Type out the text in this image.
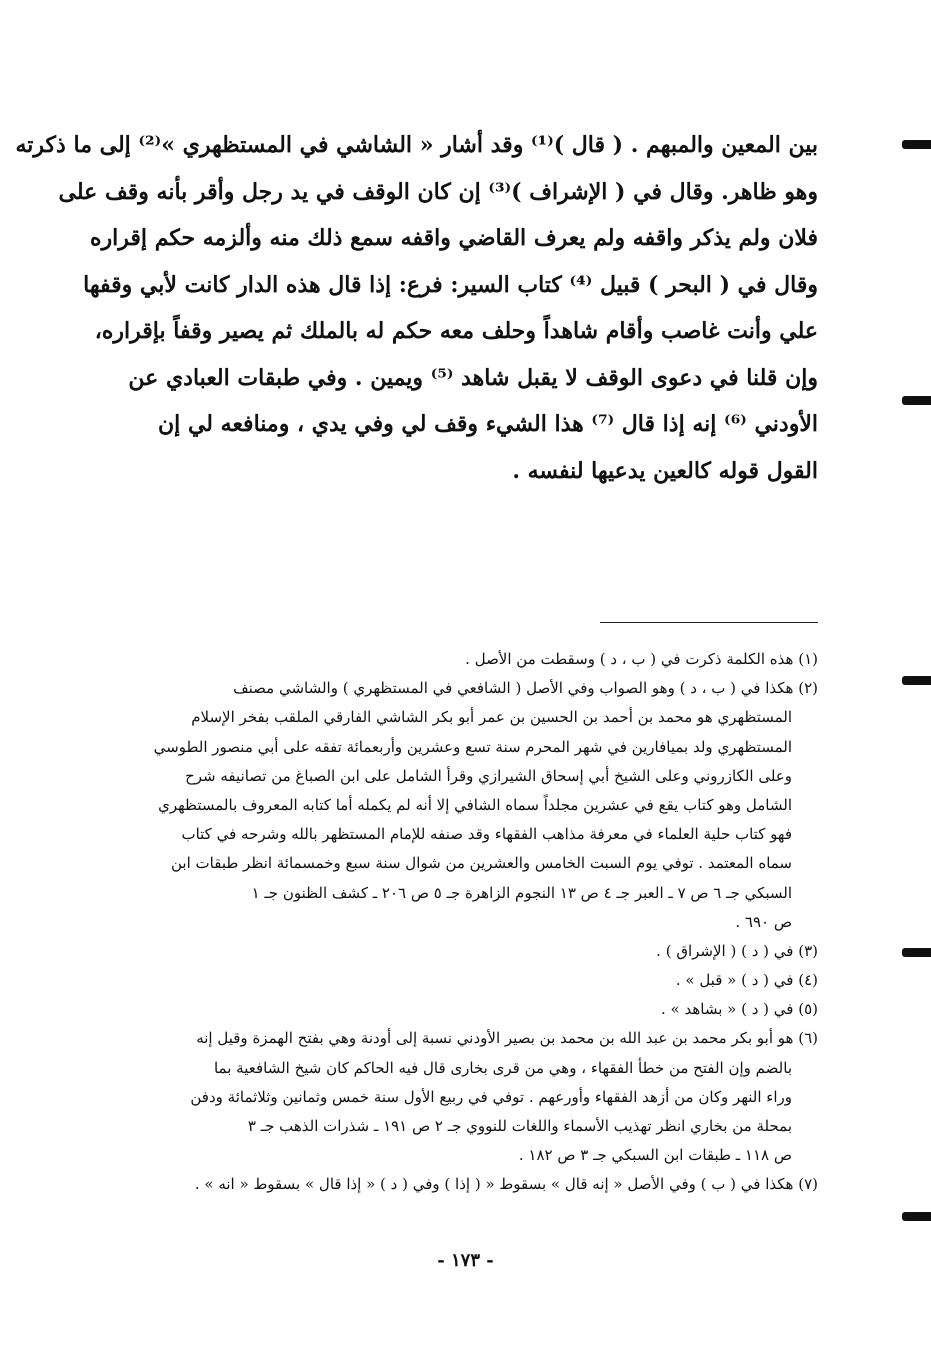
بين المعين والمبهم . ( قال )⁽¹⁾ وقد أشار « الشاشي في المستظهري »⁽²⁾ إلى ما ذكرته
وهو ظاهر. وقال في ( الإشراف )⁽³⁾ إن كان الوقف في يد رجل وأقر بأنه وقف على
فلان ولم يذكر واقفه ولم يعرف القاضي واقفه سمع ذلك منه وألزمه حكم إقراره
وقال في ( البحر ) قبيل ⁽⁴⁾ كتاب السير: فرع: إذا قال هذه الدار كانت لأبي وقفها
علي وأنت غاصب وأقام شاهداً وحلف معه حكم له بالملك ثم يصير وقفاً بإقراره،
وإن قلنا في دعوى الوقف لا يقبل شاهد ⁽⁵⁾ ويمين . وفي طبقات العبادي عن
الأودني ⁽⁶⁾ إنه إذا قال ⁽⁷⁾ هذا الشيء وقف لي وفي يدي ، ومنافعه لي إن
القول قوله كالعين يدعيها لنفسه .
(١) هذه الكلمة ذكرت في ( ب ، د ) وسقطت من الأصل .
(٢) هكذا في ( ب ، د ) وهو الصواب وفي الأصل ( الشافعي في المستظهري ) والشاشي مصنف
المستظهري هو محمد بن أحمد بن الحسين بن عمر أبو بكر الشاشي الفارقي الملقب بفخر الإسلام
المستظهري ولد بميافارين في شهر المحرم سنة تسع وعشرين وأربعمائة تفقه على أبي منصور الطوسي
وعلى الكازروني وعلى الشيخ أبي إسحاق الشيرازي وقرأ الشامل على ابن الصباغ من تصانيفه شرح
الشامل وهو كتاب يقع في عشرين مجلداً سماه الشافي إلا أنه لم يكمله أما كتابه المعروف بالمستظهري
فهو كتاب حلية العلماء في معرفة مذاهب الفقهاء وقد صنفه للإمام المستظهر بالله وشرحه في كتاب
سماه المعتمد . توفي يوم السبت الخامس والعشرين من شوال سنة سبع وخمسمائة انظر طبقات ابن
السبكي جـ ٦ ص ٧ ـ العبر جـ ٤ ص ١٣ النجوم الزاهرة جـ ٥ ص ٢٠٦ ـ كشف الظنون جـ ١
ص ٦٩٠ .
(٣) في ( د ) ( الإشراق ) .
(٤) في ( د ) « قبل » .
(٥) في ( د ) « بشاهد » .
(٦) هو أبو بكر محمد بن عبد الله بن محمد بن بصير الأودني نسبة إلى أودنة وهي بفتح الهمزة وقيل إنه
بالضم وإن الفتح من خطأ الفقهاء ، وهي من قرى بخارى قال فيه الحاكم كان شيخ الشافعية بما
وراء النهر وكان من أزهد الفقهاء وأورعهم . توفي في ربيع الأول سنة خمس وثمانين وثلاثمائة ودفن
بمحلة من بخاري انظر تهذيب الأسماء واللغات للنووي جـ ٢ ص ١٩١ ـ شذرات الذهب جـ ٣
ص ١١٨ ـ طبقات ابن السبكي جـ ٣ ص ١٨٢ .
(٧) هكذا في ( ب ) وفي الأصل « إنه قال » بسقوط « ( إذا ) وفي ( د ) « إذا قال » بسقوط « انه » .
- ١٧٣ -
